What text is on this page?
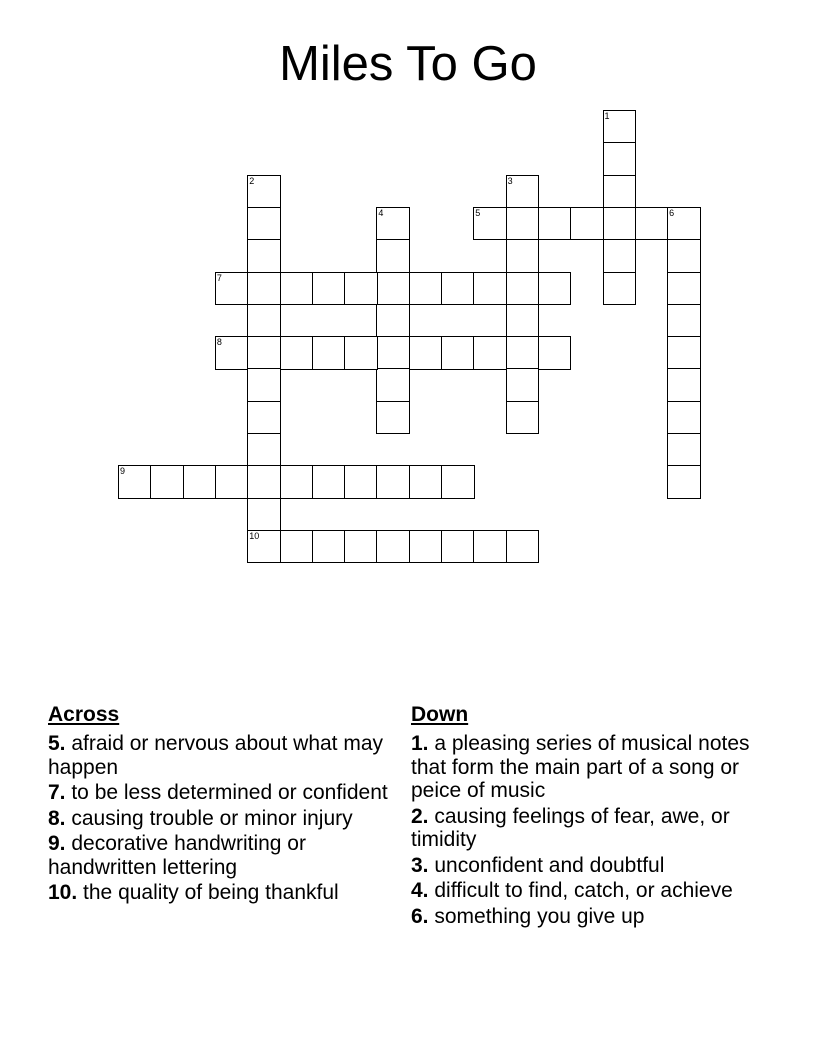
Miles To Go
1
2	3
4	5	6
7
8
9
10
Across
5. afraid or nervous about what may happen
7. to be less determined or confident
8. causing trouble or minor injury
9. decorative handwriting or handwritten lettering
10. the quality of being thankful
Down
1. a pleasing series of musical notes that form the main part of a song or peice of music
2. causing feelings of fear, awe, or timidity
3. unconfident and doubtful
4. difficult to find, catch, or achieve
6. something you give up
